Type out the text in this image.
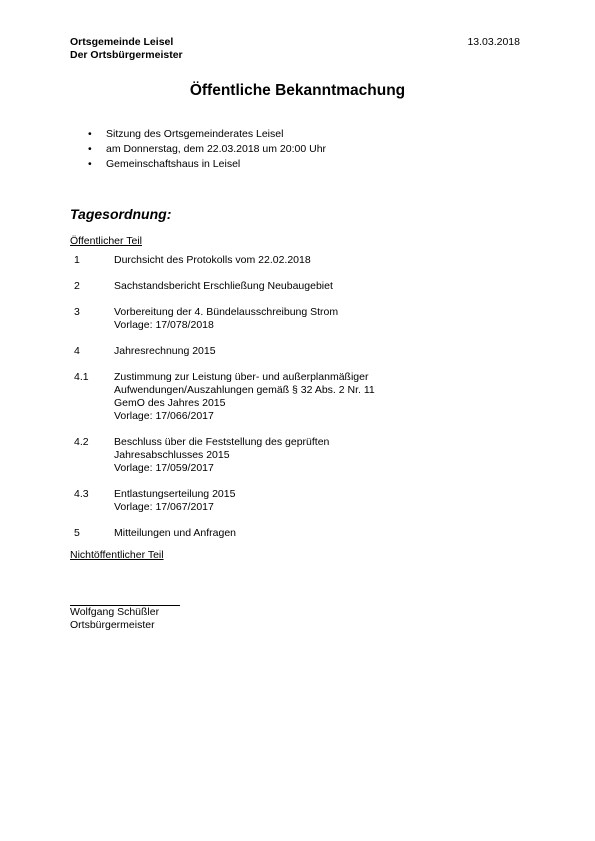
Ortsgemeinde Leisel
Der Ortsbürgermeister
13.03.2018
Öffentliche Bekanntmachung
• Sitzung des Ortsgemeinderates Leisel
• am Donnerstag, dem 22.03.2018 um 20:00 Uhr
• Gemeinschaftshaus in Leisel
Tagesordnung:
Öffentlicher Teil
1	Durchsicht des Protokolls vom 22.02.2018
2	Sachstandsbericht Erschließung Neubaugebiet
3	Vorbereitung der 4. Bündelausschreibung Strom
Vorlage: 17/078/2018
4	Jahresrechnung 2015
4.1 Zustimmung zur Leistung über- und außerplanmäßiger
Aufwendungen/Auszahlungen gemäß § 32 Abs. 2 Nr. 11
GemO des Jahres 2015
Vorlage: 17/066/2017
4.2 Beschluss über die Feststellung des geprüften
Jahresabschlusses 2015
Vorlage: 17/059/2017
4.3 Entlastungserteilung 2015
Vorlage: 17/067/2017
5	Mitteilungen und Anfragen
Nichtöffentlicher Teil
Wolfgang Schüßler
Ortsbürgermeister
